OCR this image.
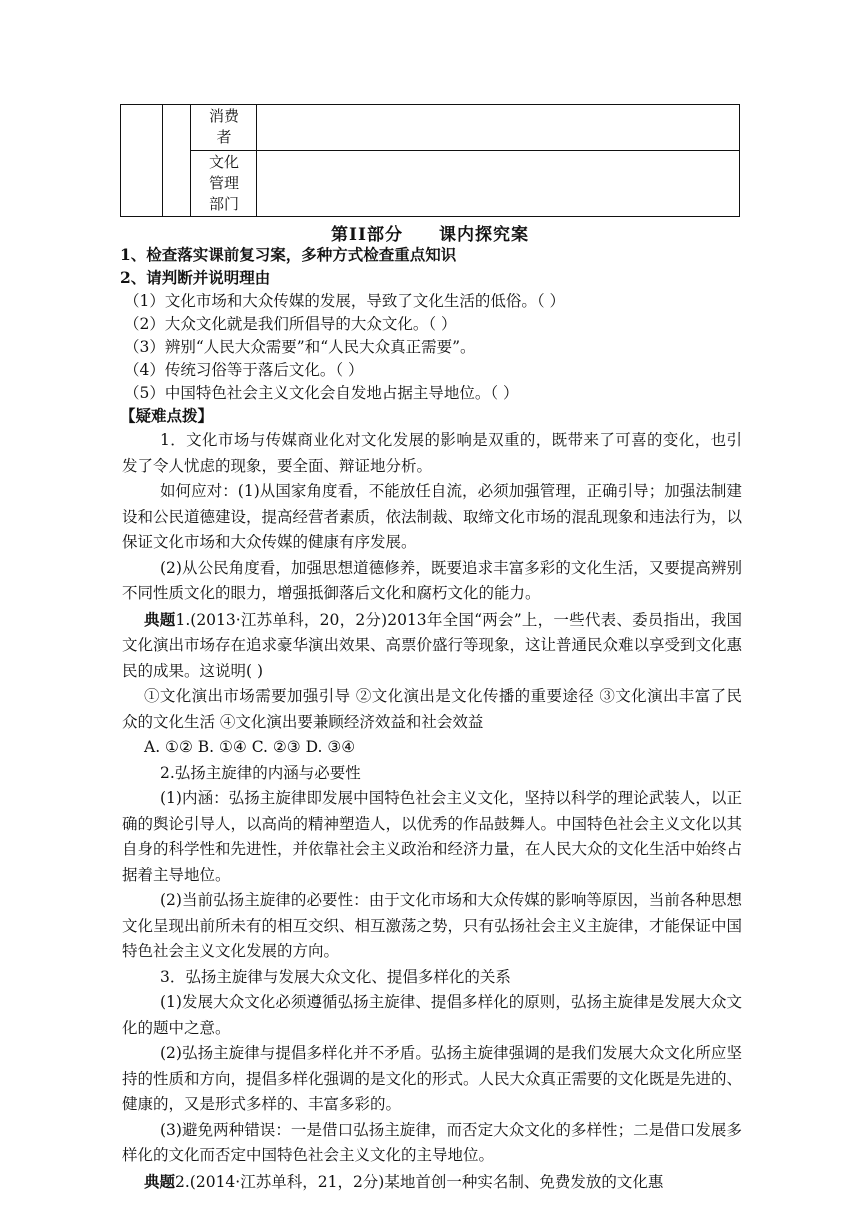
消费者
文化管理部门
第II部分 课内探究案
1、检查落实课前复习案，多种方式检查重点知识
2、请判断并说明理由
（1）文化市场和大众传媒的发展，导致了文化生活的低俗。（ ）
（2）大众文化就是我们所倡导的大众文化。（ ）
（3）辨别“人民大众需要”和“人民大众真正需要”。
（4）传统习俗等于落后文化。（ ）
（5）中国特色社会主义文化会自发地占据主导地位。（ ）
【疑难点拨】

1．文化市场与传媒商业化对文化发展的影响是双重的，既带来了可喜的变化，也引发了令人忧虑的现象，要全面、辩证地分析。

如何应对：(1)从国家角度看，不能放任自流，必须加强管理，正确引导；加强法制建设和公民道德建设，提高经营者素质，依法制裁、取缔文化市场的混乱现象和违法行为，以保证文化市场和大众传媒的健康有序发展。

(2)从公民角度看，加强思想道德修养，既要追求丰富多彩的文化生活，又要提高辨别不同性质文化的眼力，增强抵御落后文化和腐朽文化的能力。

典题1.(2013·江苏单科，20，2分)2013年全国“两会”上，一些代表、委员指出，我国文化演出市场存在追求豪华演出效果、高票价盛行等现象，这让普通民众难以享受到文化惠民的成果。这说明( )

①文化演出市场需要加强引导 ②文化演出是文化传播的重要途径 ③文化演出丰富了民众的文化生活 ④文化演出要兼顾经济效益和社会效益

A. ①② B. ①④ C. ②③ D. ③④

2.弘扬主旋律的内涵与必要性

(1)内涵：弘扬主旋律即发展中国特色社会主义文化，坚持以科学的理论武装人，以正确的舆论引导人，以高尚的精神塑造人，以优秀的作品鼓舞人。中国特色社会主义文化以其自身的科学性和先进性，并依靠社会主义政治和经济力量，在人民大众的文化生活中始终占据着主导地位。

(2)当前弘扬主旋律的必要性：由于文化市场和大众传媒的影响等原因，当前各种思想文化呈现出前所未有的相互交织、相互激荡之势，只有弘扬社会主义主旋律，才能保证中国特色社会主义文化发展的方向。

3．弘扬主旋律与发展大众文化、提倡多样化的关系

(1)发展大众文化必须遵循弘扬主旋律、提倡多样化的原则，弘扬主旋律是发展大众文化的题中之意。

(2)弘扬主旋律与提倡多样化并不矛盾。弘扬主旋律强调的是我们发展大众文化所应坚持的性质和方向，提倡多样化强调的是文化的形式。人民大众真正需要的文化既是先进的、健康的，又是形式多样的、丰富多彩的。

(3)避免两种错误：一是借口弘扬主旋律，而否定大众文化的多样性；二是借口发展多样化的文化而否定中国特色社会主义文化的主导地位。

典题2.(2014·江苏单科，21，2分)某地首创一种实名制、免费发放的文化惠
